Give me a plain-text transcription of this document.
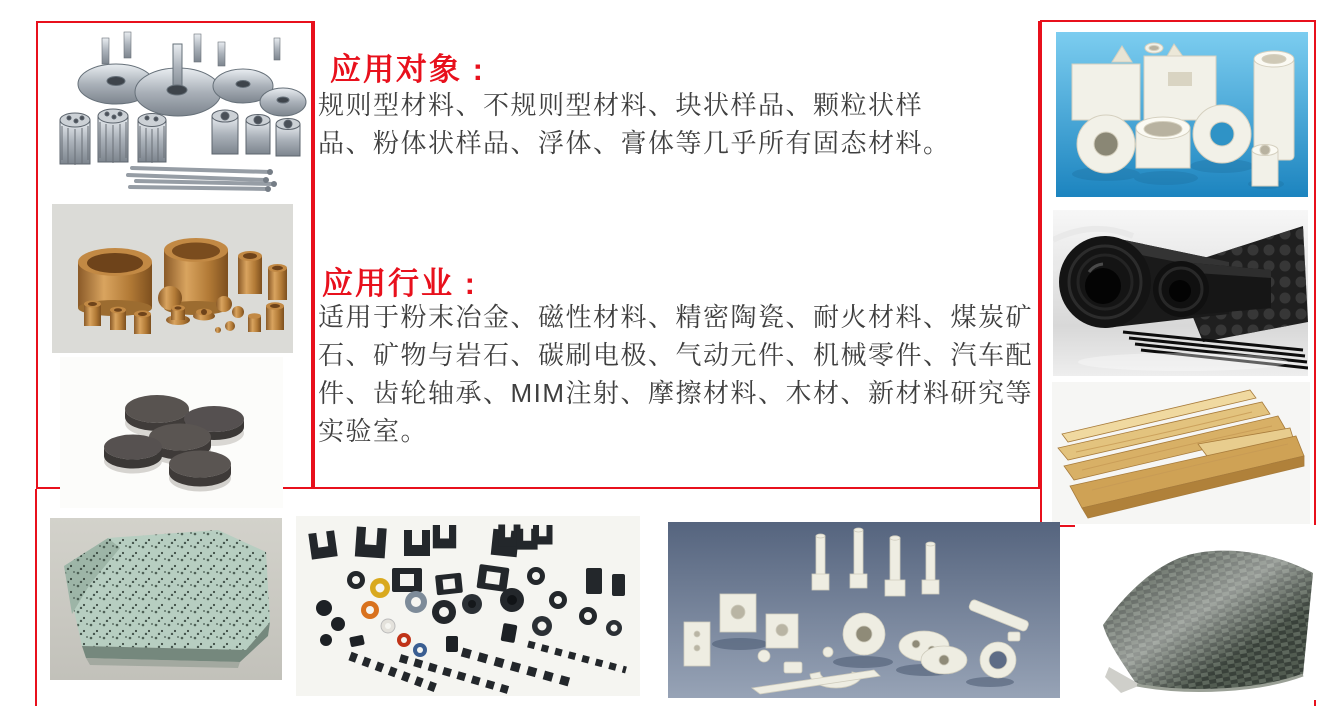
应用对象 :
规则型材料、不规则型材料、块状样品、颗粒状样
品、粉体状样品、浮体、膏体等几乎所有固态材料。
应用行业 :
适用于粉末冶金、磁性材料、精密陶瓷、耐火材料、煤炭矿
石、矿物与岩石、碳刷电极、气动元件、机械零件、汽车配
件、齿轮轴承、MIM注射、摩擦材料、木材、新材料研究等
实验室。
